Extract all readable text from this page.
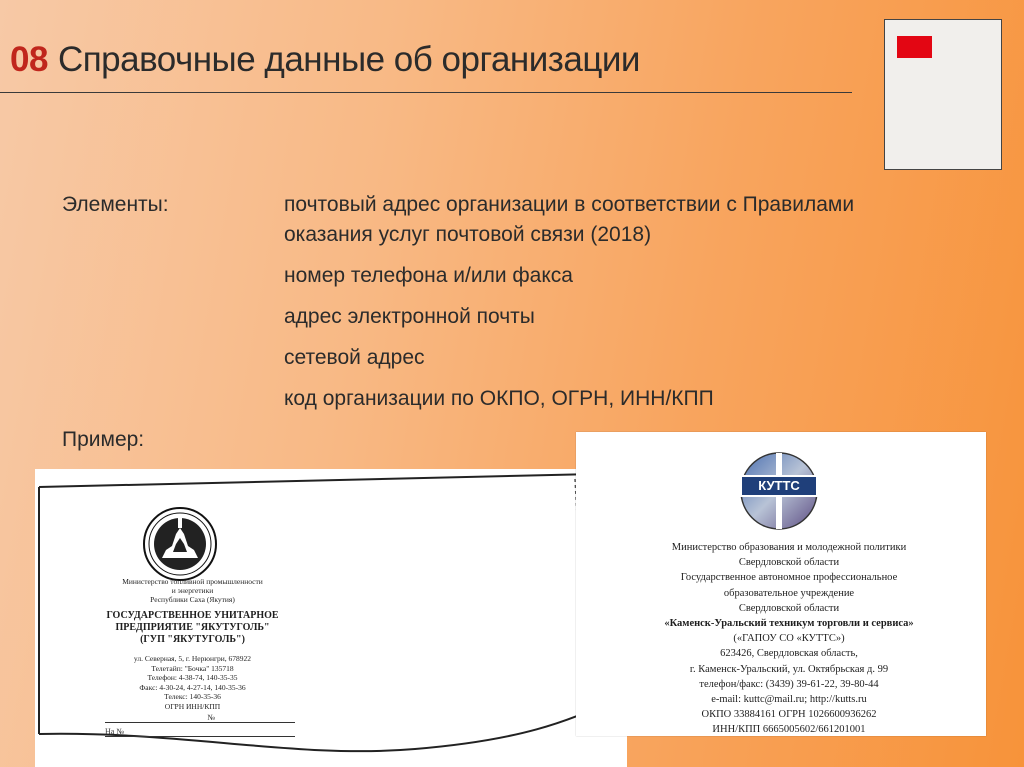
08 Справочные данные об организации
Элементы:	почтовый адрес организации в соответствии с Правилами оказания услуг почтовой связи (2018)
номер телефона и/или факса
адрес электронной почты
сетевой адрес
код организации по ОКПО, ОГРН, ИНН/КПП
Пример:
Министерство топливной промышленности
и энергетики
Республики Саха (Якутия)
ГОСУДАРСТВЕННОЕ УНИТАРНОЕ
ПРЕДПРИЯТИЕ "ЯКУТУГОЛЬ"
(ГУП "ЯКУТУГОЛЬ")
ул. Северная, 5, г. Нерюнгри, 678922
Телетайп: "Бочка" 135718
Телефон: 4-38-74, 140-35-35
Факс: 4-30-24, 4-27-14, 140-35-36
Телекс: 140-35-36
ОГРН ИНН/КПП
№
На №
КУТТС
Министерство образования и молодежной политики
Свердловской области
Государственное автономное профессиональное
образовательное учреждение
Свердловской области
«Каменск-Уральский техникум торговли и сервиса»
(«ГАПОУ СО «КУТТС»)
623426, Свердловская область,
г. Каменск-Уральский, ул. Октябрьская д. 99
телефон/факс: (3439) 39-61-22, 39-80-44
e-mail: kuttc@mail.ru; http://kutts.ru
ОКПО 33884161 ОГРН 1026600936262
ИНН/КПП 6665005602/661201001
